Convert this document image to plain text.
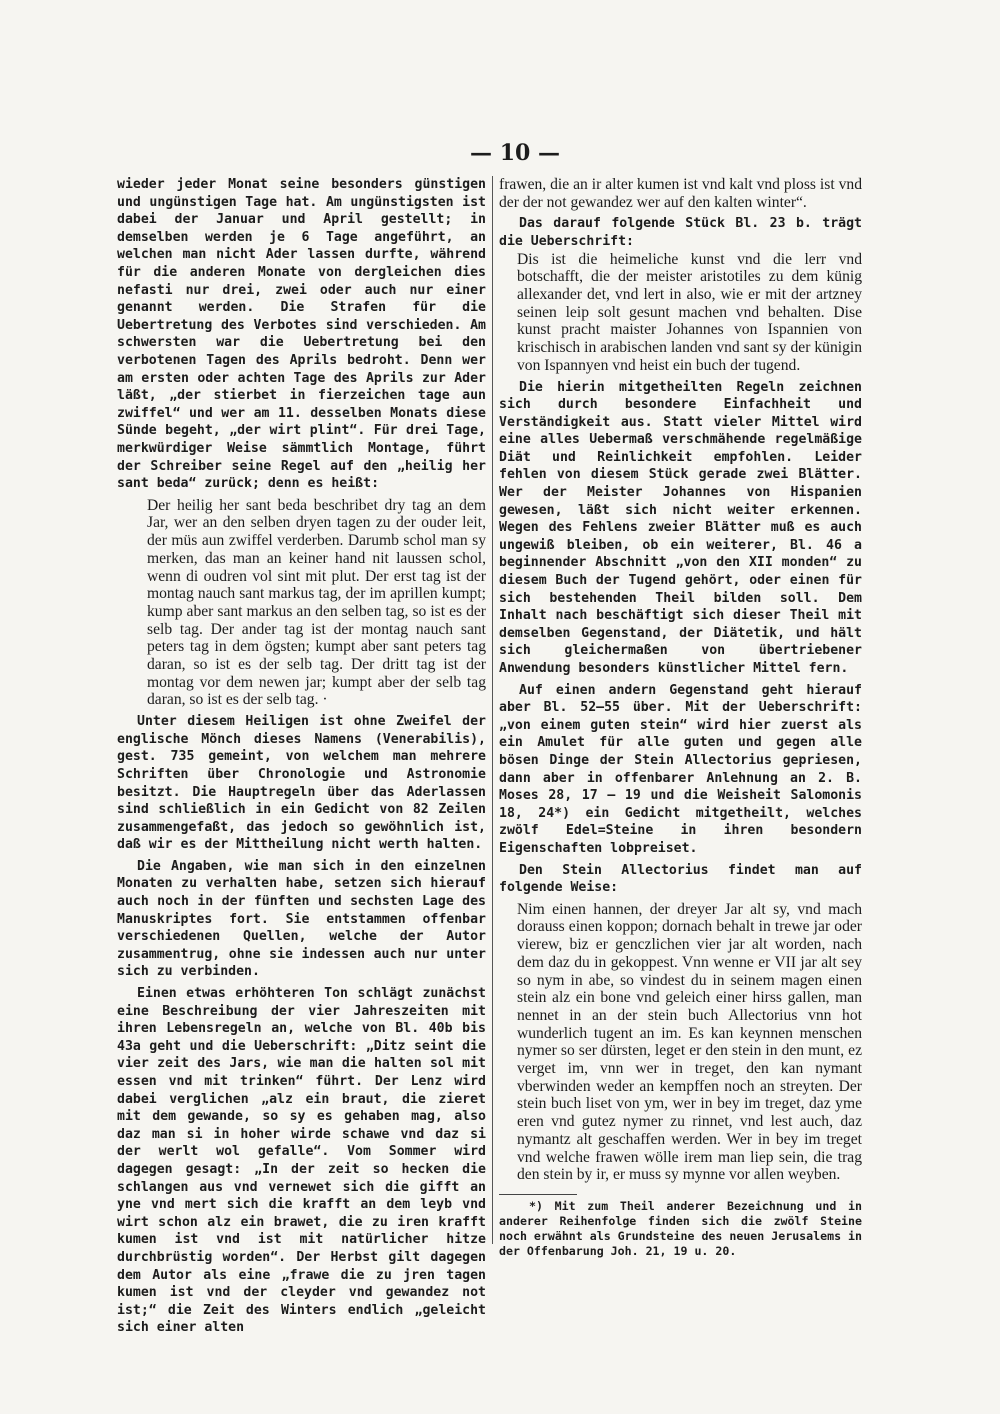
— 10 —

wieder jeder Monat seine besonders günstigen und ungünstigen Tage hat. Am ungünstigsten ist dabei der Januar und April gestellt; in demselben werden je 6 Tage angeführt, an welchen man nicht Ader lassen durfte, während für die anderen Monate von dergleichen dies nefasti nur drei, zwei oder auch nur einer genannt werden. Die Strafen für die Uebertretung des Verbotes sind verschieden. Am schwersten war die Uebertretung bei den verbotenen Tagen des Aprils bedroht. Denn wer am ersten oder achten Tage des Aprils zur Ader läßt, „der stierbet in fierzeichen tage aun zwiffel“ und wer am 11. desselben Monats diese Sünde begeht, „der wirt plint“. Für drei Tage, merkwürdiger Weise sämmtlich Montage, führt der Schreiber seine Regel auf den „heilig her sant beda“ zurück; denn es heißt:

Der heilig her sant beda beschribet dry tag an dem Jar, wer an den selben dryen tagen zu der ouder leit, der müs aun zwiffel verderben. Darumb schol man sy merken, das man an keiner hand nit laussen schol, wenn di oudren vol sint mit plut. Der erst tag ist der montag nauch sant markus tag, der im aprillen kumpt; kump aber sant markus an den selben tag, so ist es der selb tag. Der ander tag ist der montag nauch sant peters tag in dem ögsten; kumpt aber sant peters tag daran, so ist es der selb tag. Der dritt tag ist der montag vor dem newen jar; kumpt aber der selb tag daran, so ist es der selb tag. ·

Unter diesem Heiligen ist ohne Zweifel der englische Mönch dieses Namens (Venerabilis), gest. 735 gemeint, von welchem man mehrere Schriften über Chronologie und Astronomie besitzt. Die Hauptregeln über das Aderlassen sind schließlich in ein Gedicht von 82 Zeilen zusammengefaßt, das jedoch so gewöhnlich ist, daß wir es der Mittheilung nicht werth halten.

Die Angaben, wie man sich in den einzelnen Monaten zu verhalten habe, setzen sich hierauf auch noch in der fünften und sechsten Lage des Manuskriptes fort. Sie entstammen offenbar verschiedenen Quellen, welche der Autor zusammentrug, ohne sie indessen auch nur unter sich zu verbinden.

Einen etwas erhöhteren Ton schlägt zunächst eine Beschreibung der vier Jahreszeiten mit ihren Lebensregeln an, welche von Bl. 40b bis 43a geht und die Ueberschrift: „Ditz seint die vier zeit des Jars, wie man die halten sol mit essen vnd mit trinken“ führt. Der Lenz wird dabei verglichen „alz ein braut, die zieret mit dem gewande, so sy es gehaben mag, also daz man si in hoher wirde schawe vnd daz si der werlt wol gefalle“. Vom Sommer wird dagegen gesagt: „In der zeit so hecken die schlangen aus vnd vernewet sich die gifft an yne vnd mert sich die krafft an dem leyb vnd wirt schon alz ein brawet, die zu iren krafft kumen ist vnd ist mit natürlicher hitze durchbrüstig worden“. Der Herbst gilt dagegen dem Autor als eine „frawe die zu jren tagen kumen ist vnd der cleyder vnd gewandez not ist;“ die Zeit des Winters endlich „geleicht sich einer alten

frawen, die an ir alter kumen ist vnd kalt vnd ploss ist vnd der der not gewandez wer auf den kalten winter“.

Das darauf folgende Stück Bl. 23 b. trägt die Ueberschrift:

Dis ist die heimeliche kunst vnd die lerr vnd botschafft, die der meister aristotiles zu dem künig allexander det, vnd lert in also, wie er mit der artzney seinen leip solt gesunt machen vnd behalten. Dise kunst pracht maister Johannes von Ispannien von krischisch in arabischen landen vnd sant sy der künigin von Ispannyen vnd heist ein buch der tugend.

Die hierin mitgetheilten Regeln zeichnen sich durch besondere Einfachheit und Verständigkeit aus. Statt vieler Mittel wird eine alles Uebermaß verschmähende regelmäßige Diät und Reinlichkeit empfohlen. Leider fehlen von diesem Stück gerade zwei Blätter. Wer der Meister Johannes von Hispanien gewesen, läßt sich nicht weiter erkennen. Wegen des Fehlens zweier Blätter muß es auch ungewiß bleiben, ob ein weiterer, Bl. 46 a beginnender Abschnitt „von den XII monden“ zu diesem Buch der Tugend gehört, oder einen für sich bestehenden Theil bilden soll. Dem Inhalt nach beschäftigt sich dieser Theil mit demselben Gegenstand, der Diätetik, und hält sich gleichermaßen von übertriebener Anwendung besonders künstlicher Mittel fern.

Auf einen andern Gegenstand geht hierauf aber Bl. 52—55 über. Mit der Ueberschrift: „von einem guten stein“ wird hier zuerst als ein Amulet für alle guten und gegen alle bösen Dinge der Stein Allectorius gepriesen, dann aber in offenbarer Anlehnung an 2. B. Moses 28, 17 — 19 und die Weisheit Salomonis 18, 24*) ein Gedicht mitgetheilt, welches zwölf Edel=Steine in ihren besondern Eigenschaften lobpreiset.

Den Stein Allectorius findet man auf folgende Weise:

Nim einen hannen, der dreyer Jar alt sy, vnd mach dorauss einen koppon; dornach behalt in trewe jar oder vierew, biz er genczlichen vier jar alt worden, nach dem daz du in gekoppest. Vnn wenne er VII jar alt sey so nym in abe, so vindest du in seinem magen einen stein alz ein bone vnd geleich einer hirss gallen, man nennet in an der stein buch Allectorius vnn hot wunderlich tugent an im. Es kan keynnen menschen nymer so ser dürsten, leget er den stein in den munt, ez verget im, vnn wer in treget, den kan nymant vberwinden weder an kempffen noch an streyten. Der stein buch liset von ym, wer in bey im treget, daz yme eren vnd gutez nymer zu rinnet, vnd lest auch, daz nymantz alt geschaffen werden. Wer in bey im treget vnd welche frawen wölle irem man liep sein, die trag den stein by ir, er muss sy mynne vor allen weyben.

*) Mit zum Theil anderer Bezeichnung und in anderer Reihenfolge finden sich die zwölf Steine noch erwähnt als Grundsteine des neuen Jerusalems in der Offenbarung Joh. 21, 19 u. 20.
